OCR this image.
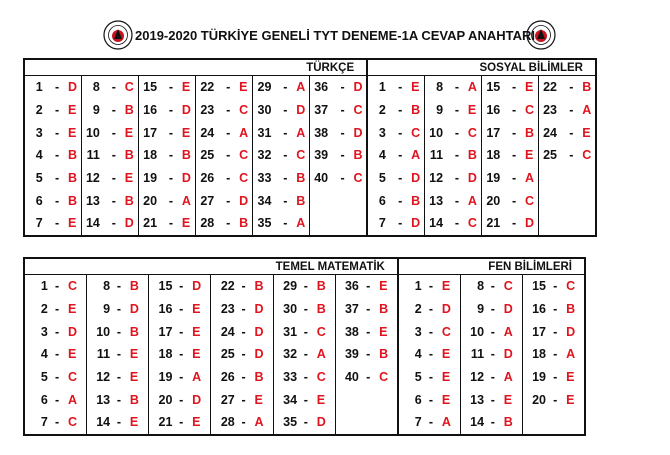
2019-2020 TÜRKİYE GENELİ TYT DENEME-1A CEVAP ANAHTARI
TÜRKÇE						SOSYAL BİLİMLER			

1 - D	8 - C	15 - E	22 - E	29 - A	36 - D	1 - E	8 - A	15 - E	22 - B

2 - E	9 - B	16 - D	23 - C	30 - D	37 - C	2 - B	9 - E	16 - C	23 - A

3 - E	10 - E	17 - E	24 - A	31 - A	38 - D	3 - C	10 - C	17 - B	24 - E

4 - B	11 - B	18 - B	25 - C	32 - C	39 - B	4 - A	11 - B	18 - E	25 - C

5 - B	12 - E	19 - D	26 - C	33 - B	40 - C	5 - D	12 - D	19 - A	

6 - B	13 - B	20 - A	27 - D	34 - B		6 - B	13 - A	20 - C	

7 - E	14 - D	21 - E	28 - B	35 - A		7 - D	14 - C	21 - D	

TEMEL MATEMATİK						FEN BİLİMLERİ		

1 - C	8 - B	15 - D	22 - B	29 - B	36 - E	1 - E	8 - C	15 - C

2 - E	9 - D	16 - E	23 - D	30 - B	37 - B	2 - D	9 - D	16 - B

3 - D	10 - B	17 - E	24 - D	31 - C	38 - E	3 - C	10 - A	17 - D

4 - E	11 - E	18 - E	25 - D	32 - A	39 - B	4 - E	11 - D	18 - A

5 - C	12 - E	19 - A	26 - B	33 - C	40 - C	5 - E	12 - A	19 - E

6 - A	13 - B	20 - D	27 - E	34 - E		6 - E	13 - E	20 - E

7 - C	14 - E	21 - E	28 - A	35 - D		7 - A	14 - B	
